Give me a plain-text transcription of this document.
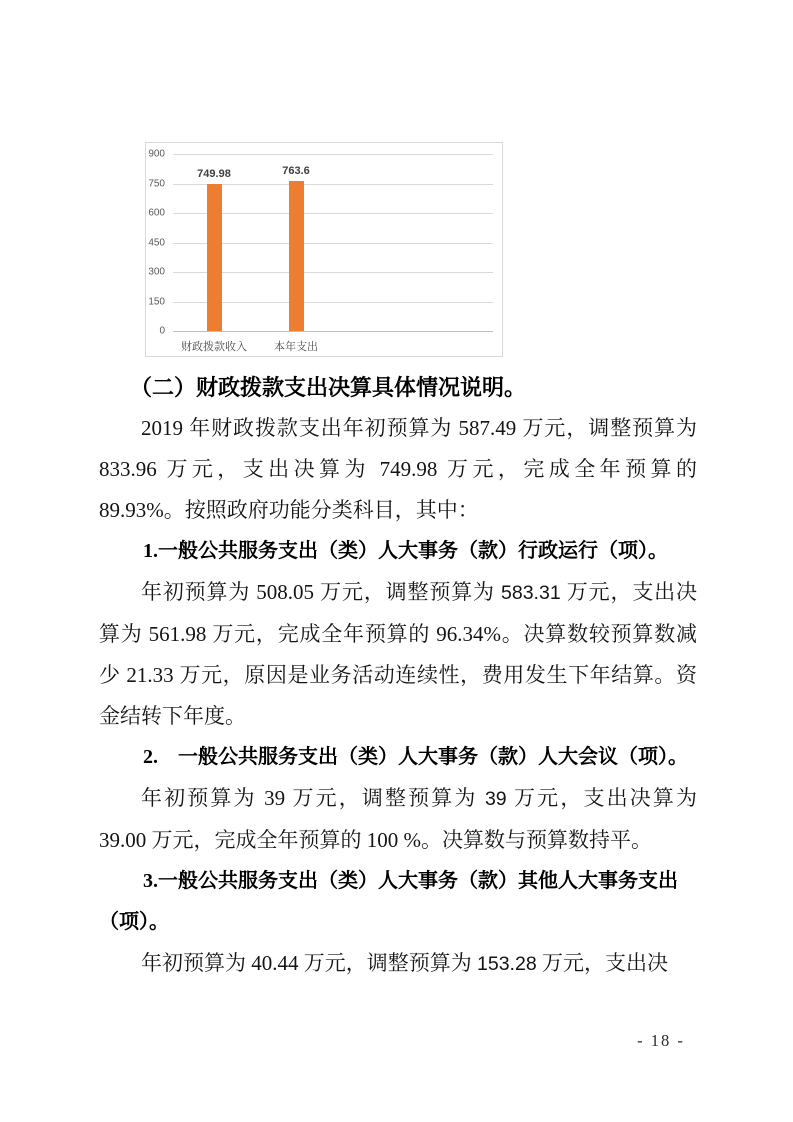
0
150
300
450
600
750
900
749.98
财政拨款收入
763.6
本年支出
（二）财政拨款支出决算具体情况说明。

2019 年财政拨款支出年初预算为 587.49 万元，调整预算为 833.96 万元，支出决算为 749.98 万元，完成全年预算的 89.93%。按照政府功能分类科目，其中：

1.一般公共服务支出（类）人大事务（款）行政运行（项）。

年初预算为 508.05 万元，调整预算为 583.31 万元，支出决算为 561.98 万元，完成全年预算的 96.34%。决算数较预算数减少 21.33 万元，原因是业务活动连续性，费用发生下年结算。资金结转下年度。

2. 一般公共服务支出（类）人大事务（款）人大会议（项）。

年初预算为 39 万元，调整预算为 39 万元，支出决算为 39.00 万元，完成全年预算的 100 %。决算数与预算数持平。

3.一般公共服务支出（类）人大事务（款）其他人大事务支出（项）。

年初预算为 40.44 万元，调整预算为 153.28 万元，支出决

- 18 -
